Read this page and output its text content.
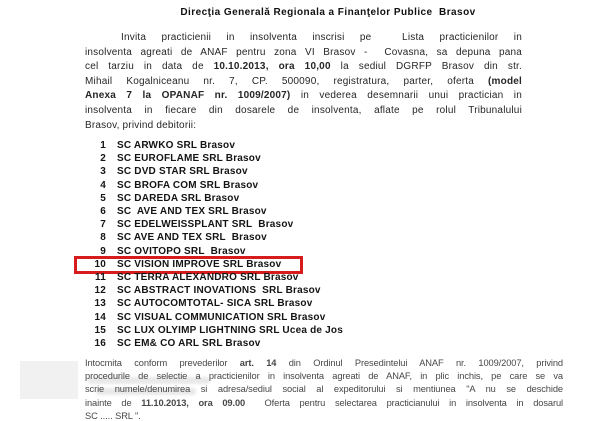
Direcţia Generală Regionala a Finanţelor Publice  Brasov
Invita practicienii in insolventa inscrisi pe  Lista practicienilor in
insolventa agreati de ANAF pentru zona VI Brasov -  Covasna, sa depuna pana
cel tarziu in data de 10.10.2013, ora 10,00 la sediul DGRFP Brasov din str.
Mihail Kogalniceanu nr. 7, CP. 500090, registratura, parter, oferta (model
Anexa 7 la OPANAF nr. 1009/2007) in vederea desemnarii unui practician in
insolventa in fiecare din dosarele de insolventa, aflate pe rolul Tribunalului
Brasov, privind debitorii:
1 SC ARWKO SRL Brasov
2 SC EUROFLAME SRL Brasov
3 SC DVD STAR SRL Brasov
4 SC BROFA COM SRL Brasov
5 SC DAREDA SRL Brasov
6 SC  AVE AND TEX SRL Brasov
7 SC EDELWEISSPLANT SRL  Brasov
8 SC AVE AND TEX SRL  Brasov
9 SC OVITOPO SRL  Brasov
10 SC VISION IMPROVE SRL Brasov
11 SC TERRA ALEXANDRO SRL Brasov
12 SC ABSTRACT INOVATIONS  SRL Brasov
13 SC AUTOCOMTOTAL- SICA SRL Brasov
14 SC VISUAL COMMUNICATION SRL Brasov
15 SC LUX OLYIMP LIGHTNING SRL Ucea de Jos
16 SC EM& CO ARL SRL Brasov
Intocmita conform prevederilor art. 14 din Ordinul Presedintelui ANAF nr. 1009/2007, privind
procedurile de selectie a practicienilor in insolventa agreati de ANAF, in plic inchis, pe care se va
scrie numele/denumirea si adresa/sediul social al expeditorului si mentiunea "A nu se deschide
inainte de 11.10.2013, ora 09.00  Oferta pentru selectarea practicianului in insolventa in dosarul
SC ..... SRL ".
